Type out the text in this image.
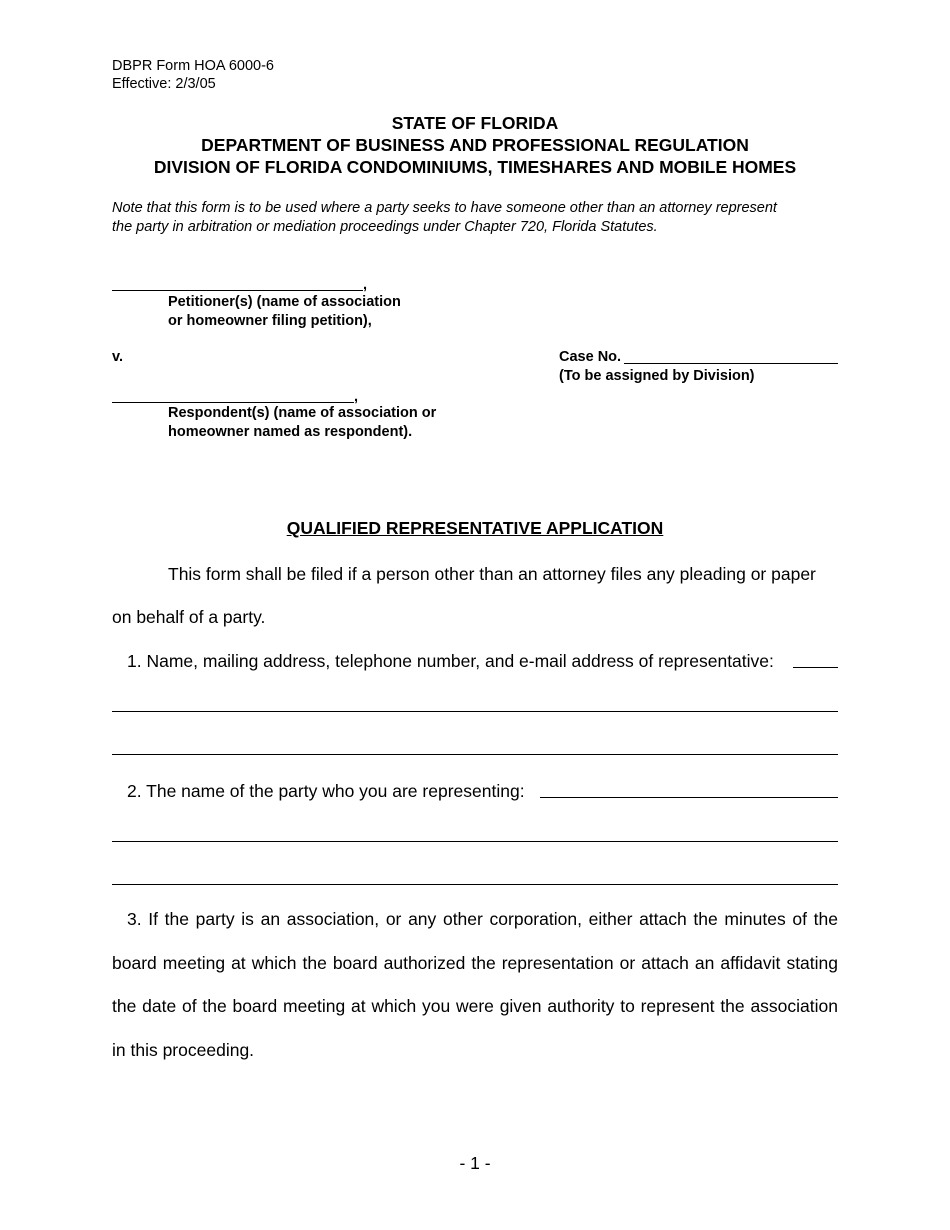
DBPR Form HOA 6000-6
Effective: 2/3/05
STATE OF FLORIDA
DEPARTMENT OF BUSINESS AND PROFESSIONAL REGULATION
DIVISION OF FLORIDA CONDOMINIUMS, TIMESHARES AND MOBILE HOMES
Note that this form is to be used where a party seeks to have someone other than an attorney represent
the party in arbitration or mediation proceedings under Chapter 720, Florida Statutes.
,
Petitioner(s) (name of association
or homeowner filing petition),
v.	Case No.
(To be assigned by Division)
,
Respondent(s) (name of association or
homeowner named as respondent).
QUALIFIED REPRESENTATIVE APPLICATION
This form shall be filed if a person other than an attorney files any pleading or paper
on behalf of a party.
1. Name, mailing address, telephone number, and e-mail address of representative:
2. The name of the party who you are representing:
3. If the party is an association, or any other corporation, either attach the minutes of the board meeting at which the board authorized the representation or attach an affidavit stating the date of the board meeting at which you were given authority to represent the association in this proceeding.
- 1 -
